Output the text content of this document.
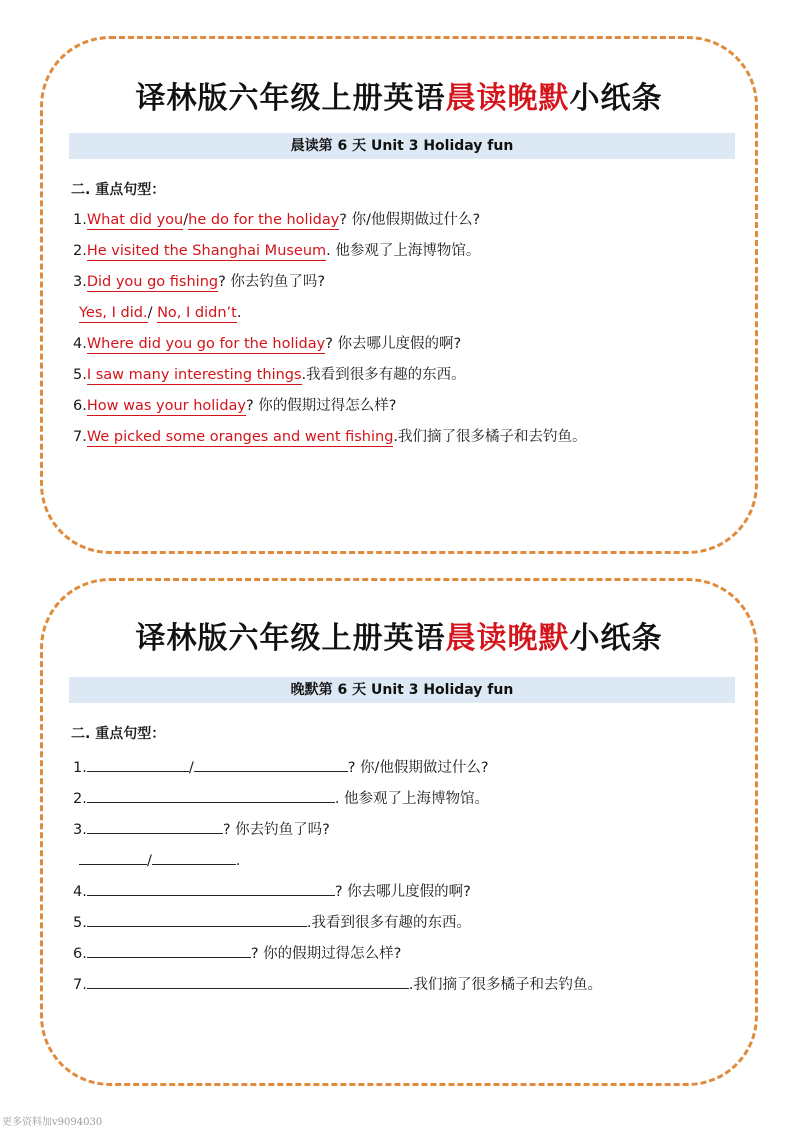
译林版六年级上册英语晨读晚默小纸条
晨读第 6 天 Unit 3 Holiday fun
二. 重点句型：
1.What did you/he do for the holiday? 你/他假期做过什么?
2.He visited the Shanghai Museum. 他参观了上海博物馆。
3.Did you go fishing? 你去钓鱼了吗?
Yes, I did./ No, I didn’t.
4.Where did you go for the holiday? 你去哪儿度假的啊?
5.I saw many interesting things.我看到很多有趣的东西。
6.How was your holiday? 你的假期过得怎么样?
7.We picked some oranges and went fishing.我们摘了很多橘子和去钓鱼。
译林版六年级上册英语晨读晚默小纸条
晚默第 6 天 Unit 3 Holiday fun
二. 重点句型：
1.	/	? 你/他假期做过什么?
2.	. 他参观了上海博物馆。
3.	? 你去钓鱼了吗?
/	.
4.	? 你去哪儿度假的啊?
5.	.我看到很多有趣的东西。
6.	? 你的假期过得怎么样?
7.	.我们摘了很多橘子和去钓鱼。
更多资料加v9094030
